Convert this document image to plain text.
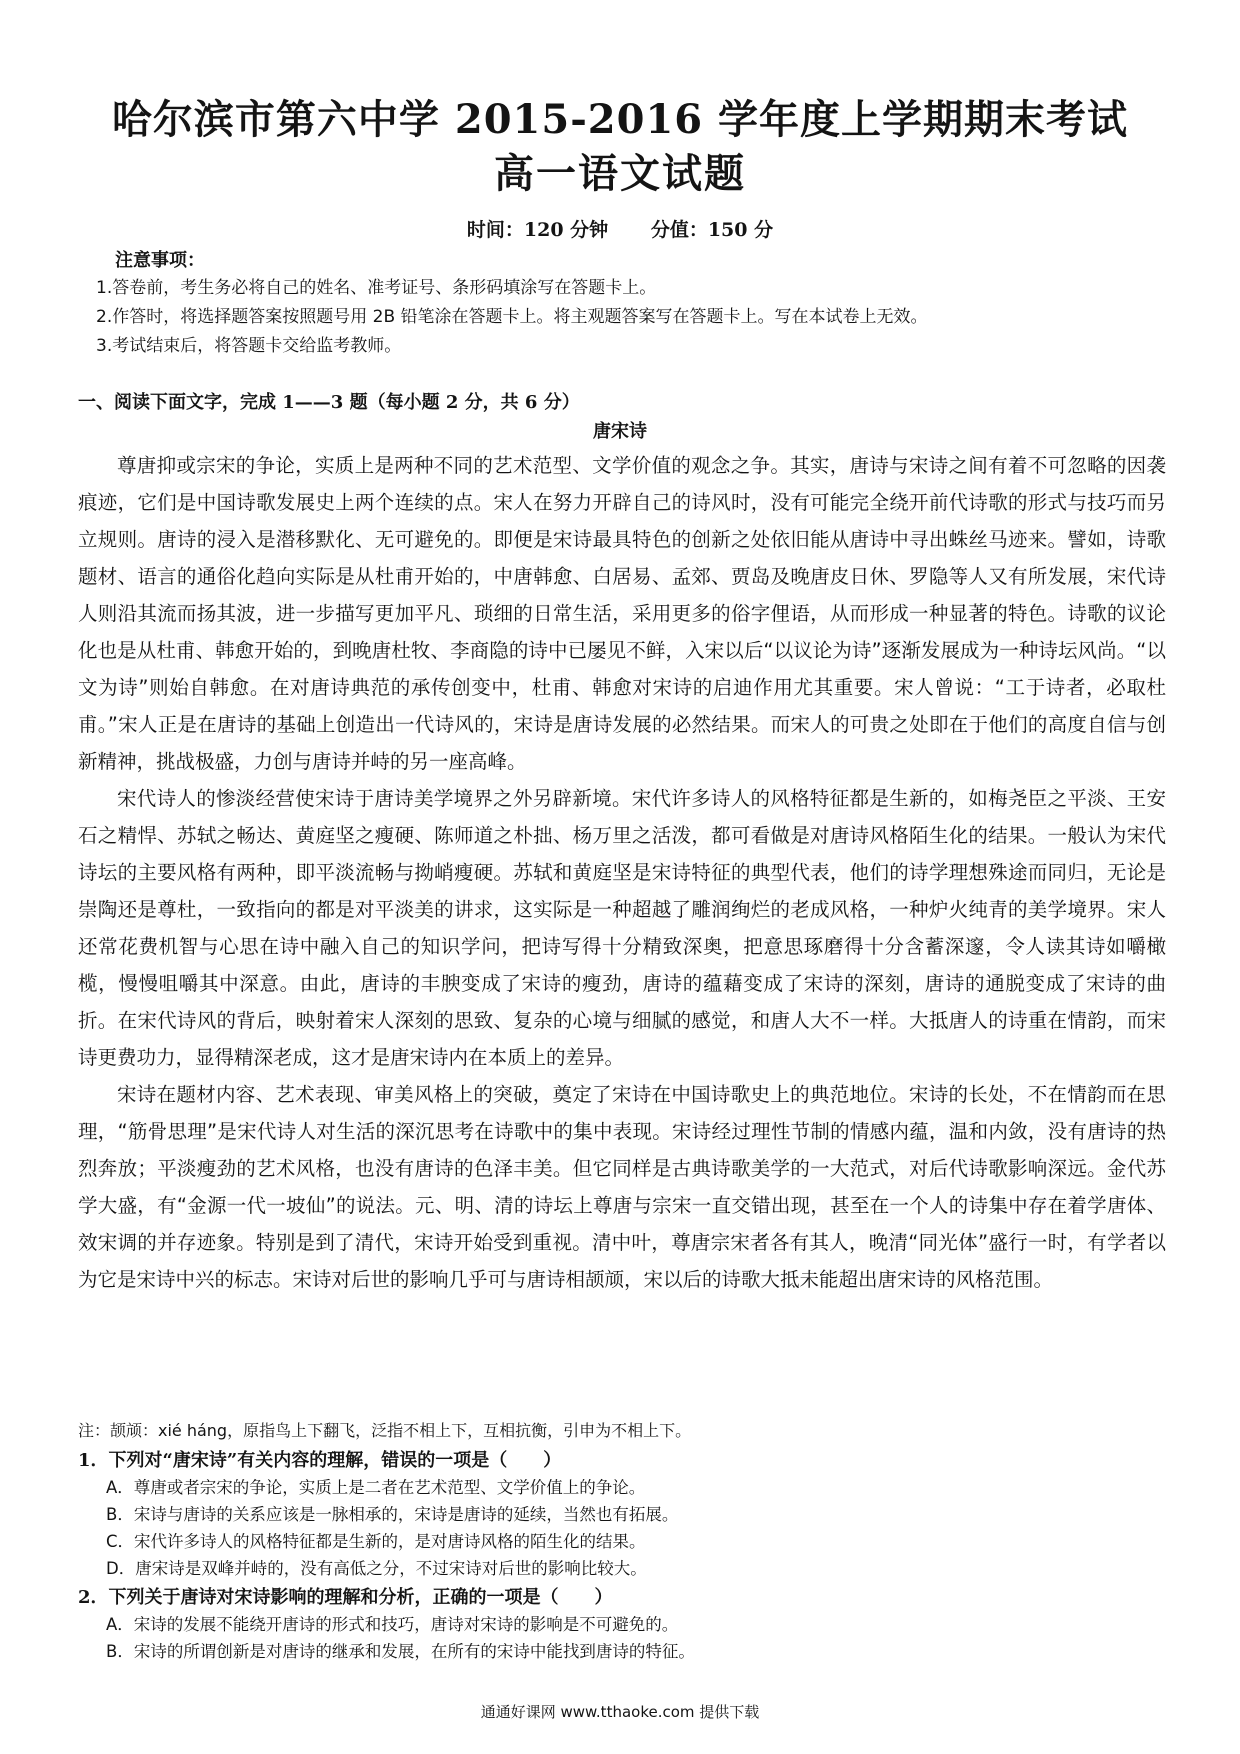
哈尔滨市第六中学 2015-2016 学年度上学期期末考试
高一语文试题
时间：120 分钟 分值：150 分
注意事项：
1.答卷前，考生务必将自己的姓名、准考证号、条形码填涂写在答题卡上。
2.作答时，将选择题答案按照题号用 2B 铅笔涂在答题卡上。将主观题答案写在答题卡上。写在本试卷上无效。
3.考试结束后，将答题卡交给监考教师。
一、阅读下面文字，完成 1——3 题（每小题 2 分，共 6 分）
唐宋诗

尊唐抑或宗宋的争论，实质上是两种不同的艺术范型、文学价值的观念之争。其实，唐诗与宋诗之间有着不可忽略的因袭痕迹，它们是中国诗歌发展史上两个连续的点。宋人在努力开辟自己的诗风时，没有可能完全绕开前代诗歌的形式与技巧而另立规则。唐诗的浸入是潜移默化、无可避免的。即便是宋诗最具特色的创新之处依旧能从唐诗中寻出蛛丝马迹来。譬如，诗歌题材、语言的通俗化趋向实际是从杜甫开始的，中唐韩愈、白居易、孟郊、贾岛及晚唐皮日休、罗隐等人又有所发展，宋代诗人则沿其流而扬其波，进一步描写更加平凡、琐细的日常生活，采用更多的俗字俚语，从而形成一种显著的特色。诗歌的议论化也是从杜甫、韩愈开始的，到晚唐杜牧、李商隐的诗中已屡见不鲜，入宋以后“以议论为诗”逐渐发展成为一种诗坛风尚。“以文为诗”则始自韩愈。在对唐诗典范的承传创变中，杜甫、韩愈对宋诗的启迪作用尤其重要。宋人曾说：“工于诗者，必取杜甫。”宋人正是在唐诗的基础上创造出一代诗风的，宋诗是唐诗发展的必然结果。而宋人的可贵之处即在于他们的高度自信与创新精神，挑战极盛，力创与唐诗并峙的另一座高峰。

宋代诗人的惨淡经营使宋诗于唐诗美学境界之外另辟新境。宋代许多诗人的风格特征都是生新的，如梅尧臣之平淡、王安石之精悍、苏轼之畅达、黄庭坚之瘦硬、陈师道之朴拙、杨万里之活泼，都可看做是对唐诗风格陌生化的结果。一般认为宋代诗坛的主要风格有两种，即平淡流畅与拗峭瘦硬。苏轼和黄庭坚是宋诗特征的典型代表，他们的诗学理想殊途而同归，无论是崇陶还是尊杜，一致指向的都是对平淡美的讲求，这实际是一种超越了雕润绚烂的老成风格，一种炉火纯青的美学境界。宋人还常花费机智与心思在诗中融入自己的知识学问，把诗写得十分精致深奥，把意思琢磨得十分含蓄深邃，令人读其诗如嚼橄榄，慢慢咀嚼其中深意。由此，唐诗的丰腴变成了宋诗的瘦劲，唐诗的蕴藉变成了宋诗的深刻，唐诗的通脱变成了宋诗的曲折。在宋代诗风的背后，映射着宋人深刻的思致、复杂的心境与细腻的感觉，和唐人大不一样。大抵唐人的诗重在情韵，而宋诗更费功力，显得精深老成，这才是唐宋诗内在本质上的差异。

宋诗在题材内容、艺术表现、审美风格上的突破，奠定了宋诗在中国诗歌史上的典范地位。宋诗的长处，不在情韵而在思理，“筋骨思理”是宋代诗人对生活的深沉思考在诗歌中的集中表现。宋诗经过理性节制的情感内蕴，温和内敛，没有唐诗的热烈奔放；平淡瘦劲的艺术风格，也没有唐诗的色泽丰美。但它同样是古典诗歌美学的一大范式，对后代诗歌影响深远。金代苏学大盛，有“金源一代一坡仙”的说法。元、明、清的诗坛上尊唐与宗宋一直交错出现，甚至在一个人的诗集中存在着学唐体、效宋调的并存迹象。特别是到了清代，宋诗开始受到重视。清中叶，尊唐宗宋者各有其人，晚清“同光体”盛行一时，有学者以为它是宋诗中兴的标志。宋诗对后世的影响几乎可与唐诗相颉颃，宋以后的诗歌大抵未能超出唐宋诗的风格范围。

注：颉颃：xié háng，原指鸟上下翻飞，泛指不相上下，互相抗衡，引申为不相上下。
1．下列对“唐宋诗”有关内容的理解，错误的一项是（　　）
A．尊唐或者宗宋的争论，实质上是二者在艺术范型、文学价值上的争论。
B．宋诗与唐诗的关系应该是一脉相承的，宋诗是唐诗的延续，当然也有拓展。
C．宋代许多诗人的风格特征都是生新的，是对唐诗风格的陌生化的结果。
D．唐宋诗是双峰并峙的，没有高低之分，不过宋诗对后世的影响比较大。
2．下列关于唐诗对宋诗影响的理解和分析，正确的一项是（　　）
A．宋诗的发展不能绕开唐诗的形式和技巧，唐诗对宋诗的影响是不可避免的。
B．宋诗的所谓创新是对唐诗的继承和发展，在所有的宋诗中能找到唐诗的特征。
通通好课网 www.tthaoke.com 提供下载
